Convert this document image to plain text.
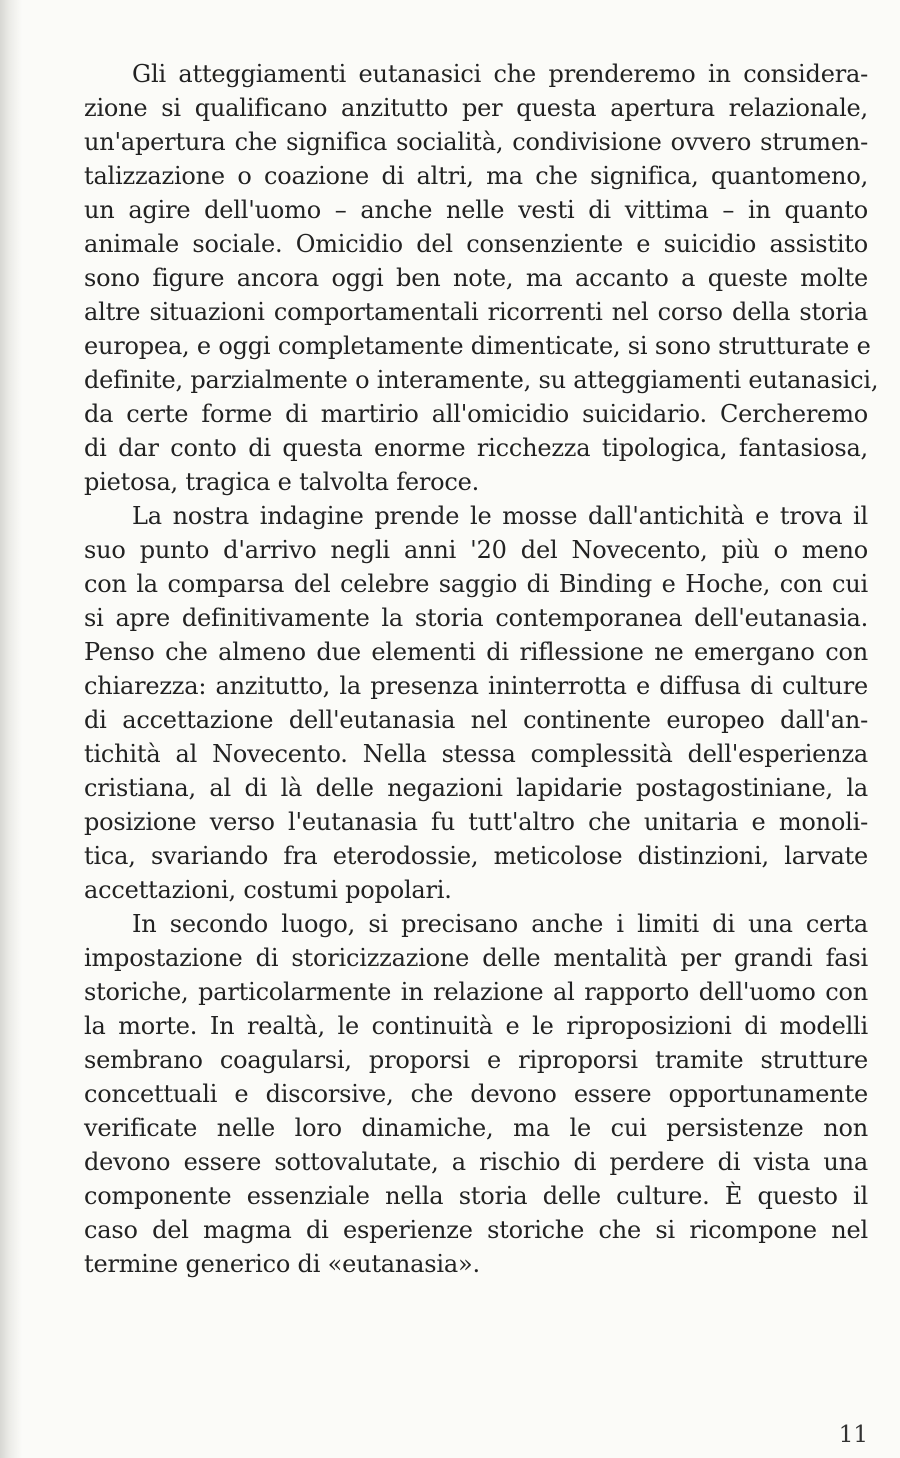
Gli atteggiamenti eutanasici che prenderemo in considera-
zione si qualificano anzitutto per questa apertura relazionale,
un'apertura che significa socialità, condivisione ovvero strumen-
talizzazione o coazione di altri, ma che significa, quantomeno,
un agire dell'uomo – anche nelle vesti di vittima – in quanto
animale sociale. Omicidio del consenziente e suicidio assistito
sono figure ancora oggi ben note, ma accanto a queste molte
altre situazioni comportamentali ricorrenti nel corso della storia
europea, e oggi completamente dimenticate, si sono strutturate e
definite, parzialmente o interamente, su atteggiamenti eutanasici,
da certe forme di martirio all'omicidio suicidario. Cercheremo
di dar conto di questa enorme ricchezza tipologica, fantasiosa,
pietosa, tragica e talvolta feroce.
La nostra indagine prende le mosse dall'antichità e trova il
suo punto d'arrivo negli anni '20 del Novecento, più o meno
con la comparsa del celebre saggio di Binding e Hoche, con cui
si apre definitivamente la storia contemporanea dell'eutanasia.
Penso che almeno due elementi di riflessione ne emergano con
chiarezza: anzitutto, la presenza ininterrotta e diffusa di culture
di accettazione dell'eutanasia nel continente europeo dall'an-
tichità al Novecento. Nella stessa complessità dell'esperienza
cristiana, al di là delle negazioni lapidarie postagostiniane, la
posizione verso l'eutanasia fu tutt'altro che unitaria e monoli-
tica, svariando fra eterodossie, meticolose distinzioni, larvate
accettazioni, costumi popolari.
In secondo luogo, si precisano anche i limiti di una certa
impostazione di storicizzazione delle mentalità per grandi fasi
storiche, particolarmente in relazione al rapporto dell'uomo con
la morte. In realtà, le continuità e le riproposizioni di modelli
sembrano coagularsi, proporsi e riproporsi tramite strutture
concettuali e discorsive, che devono essere opportunamente
verificate nelle loro dinamiche, ma le cui persistenze non
devono essere sottovalutate, a rischio di perdere di vista una
componente essenziale nella storia delle culture. È questo il
caso del magma di esperienze storiche che si ricompone nel
termine generico di «eutanasia».
11
